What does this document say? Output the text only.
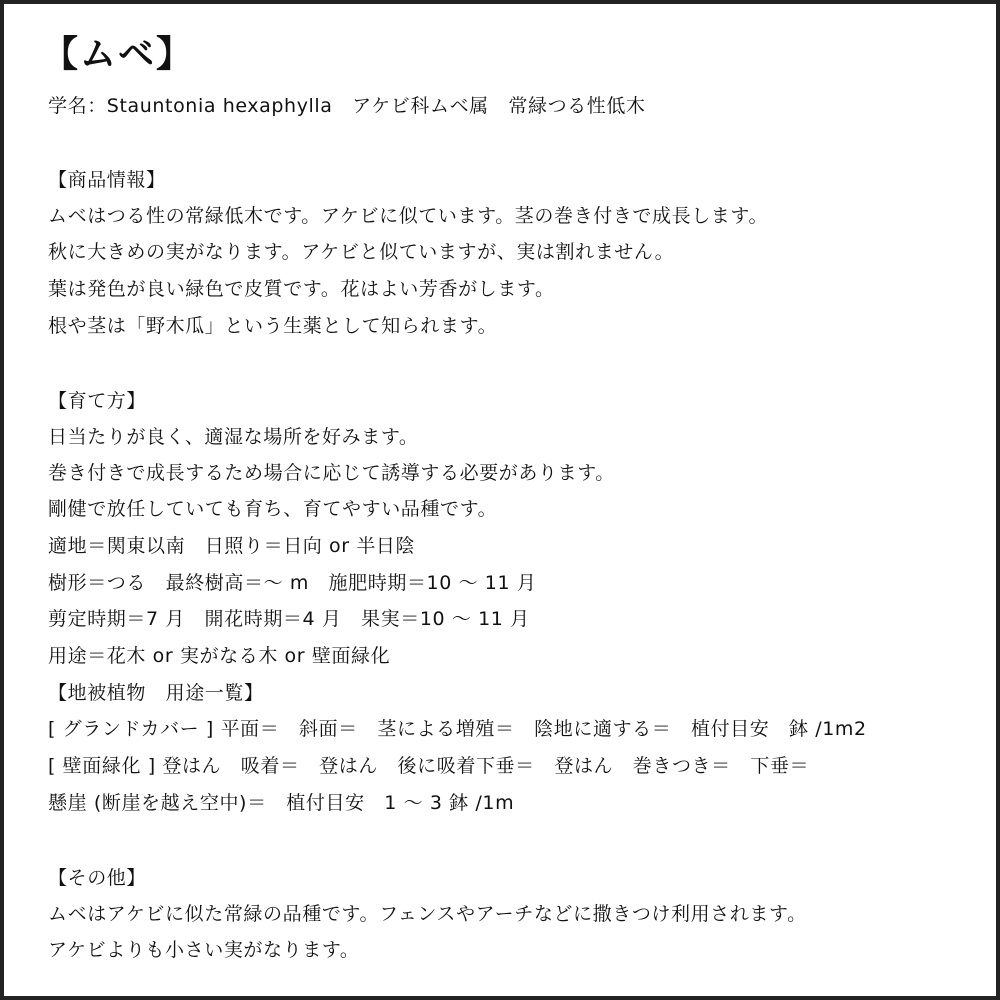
【ムベ】
学名：Stauntonia hexaphylla　アケビ科ムベ属　常緑つる性低木
【商品情報】
ムベはつる性の常緑低木です。アケビに似ています。茎の巻き付きで成長します。
秋に大きめの実がなります。アケビと似ていますが、実は割れません。
葉は発色が良い緑色で皮質です。花はよい芳香がします。
根や茎は「野木瓜」という生薬として知られます。
【育て方】
日当たりが良く、適湿な場所を好みます。
巻き付きで成長するため場合に応じて誘導する必要があります。
剛健で放任していても育ち、育てやすい品種です。
適地＝関東以南　日照り＝日向 or 半日陰
樹形＝つる　最終樹高＝～ m　施肥時期＝10 ～ 11 月
剪定時期＝7 月　開花時期＝4 月　果実＝10 ～ 11 月
用途＝花木 or 実がなる木 or 壁面緑化
【地被植物　用途一覧】
[ グランドカバー ] 平面＝　斜面＝　茎による増殖＝　陰地に適する＝　植付目安　鉢 /1m2
[ 壁面緑化 ] 登はん　吸着＝　登はん　後に吸着下垂＝　登はん　巻きつき＝　下垂＝
懸崖 (断崖を越え空中)＝　植付目安　1 ～ 3 鉢 /1m
【その他】
ムベはアケビに似た常緑の品種です。フェンスやアーチなどに撒きつけ利用されます。
アケビよりも小さい実がなります。
